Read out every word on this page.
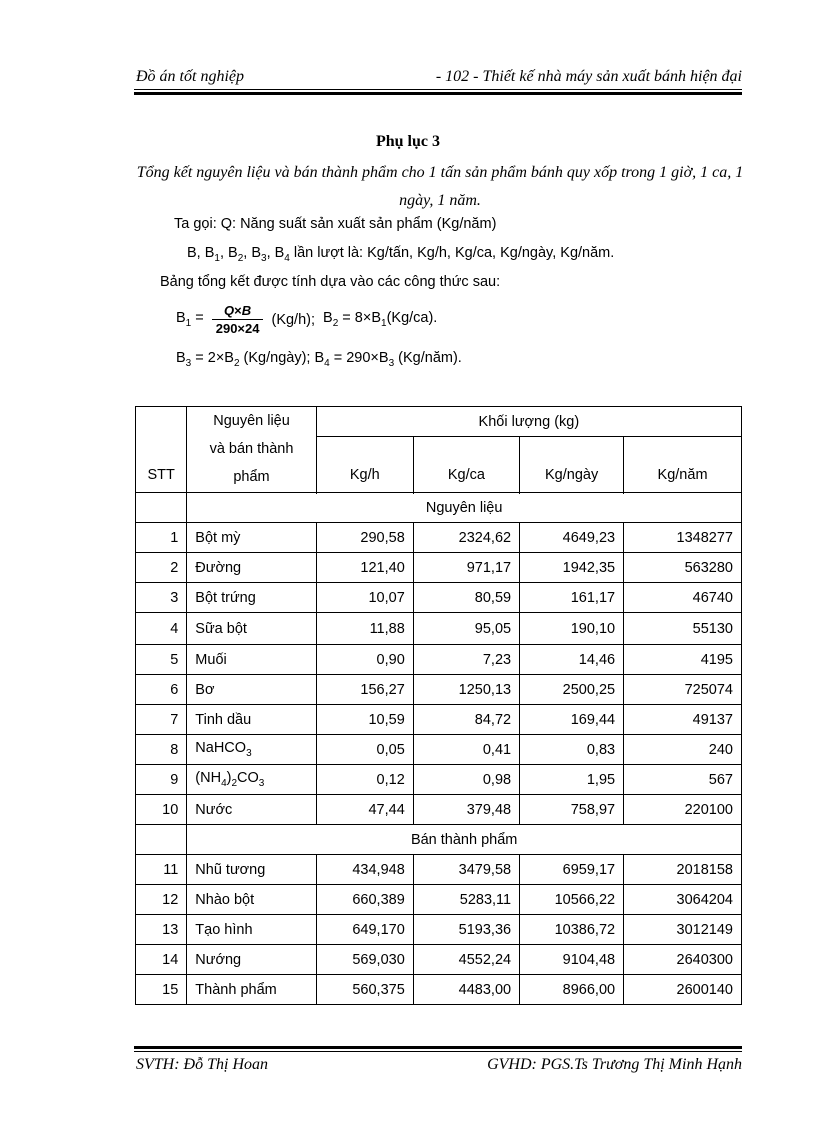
Đồ án tốt nghiệp	- 102 - Thiết kế nhà máy sản xuất bánh hiện đại
Phụ lục 3
Tổng kết nguyên liệu và bán thành phẩm cho 1 tấn sản phẩm bánh quy xốp trong 1 giờ, 1 ca, 1 ngày, 1 năm.
Ta gọi: Q: Năng suất sản xuất sản phẩm (Kg/năm)
B, $B_1$, $B_2$, $B_3$, $B_4$ lần lượt là: Kg/tấn, Kg/h, Kg/ca, Kg/ngày, Kg/năm.
Bảng tổng kết được tính dựa vào các công thức sau:
$B_1 = \frac{Q\times B}{290\times 24} (Kg/h)$; $B_2 = 8\times B_1(Kg/ca)$.
$B_3 = 2\times B_2$ (Kg/ngày); $B_4 = 290\times B_3$ (Kg/năm).
STT	Nguyên liệu
và bán thành
phẩm	Khối lượng (kg)			
		Kg/h	Kg/ca	Kg/ngày	Kg/năm

	Nguyên liệu				
1	Bột mỳ	290,58	2324,62	4649,23	1348277
2	Đường	121,40	971,17	1942,35	563280
3	Bột trứng	10,07	80,59	161,17	46740
4	Sữa bột	11,88	95,05	190,10	55130
5	Muối	0,90	7,23	14,46	4195
6	Bơ	156,27	1250,13	2500,25	725074
7	Tinh dầu	10,59	84,72	169,44	49137
8	NaHCO$_3$	0,05	0,41	0,83	240
9	$(NH_4)_2CO_3$	0,12	0,98	1,95	567
10	Nước	47,44	379,48	758,97	220100
	Bán thành phẩm				
11	Nhũ tương	434,948	3479,58	6959,17	2018158
12	Nhào bột	660,389	5283,11	10566,22	3064204
13	Tạo hình	649,170	5193,36	10386,72	3012149
14	Nướng	569,030	4552,24	9104,48	2640300
15	Thành phẩm	560,375	4483,00	8966,00	2600140
SVTH: Đỗ Thị Hoan	GVHD: PGS.Ts Trương Thị Minh Hạnh
